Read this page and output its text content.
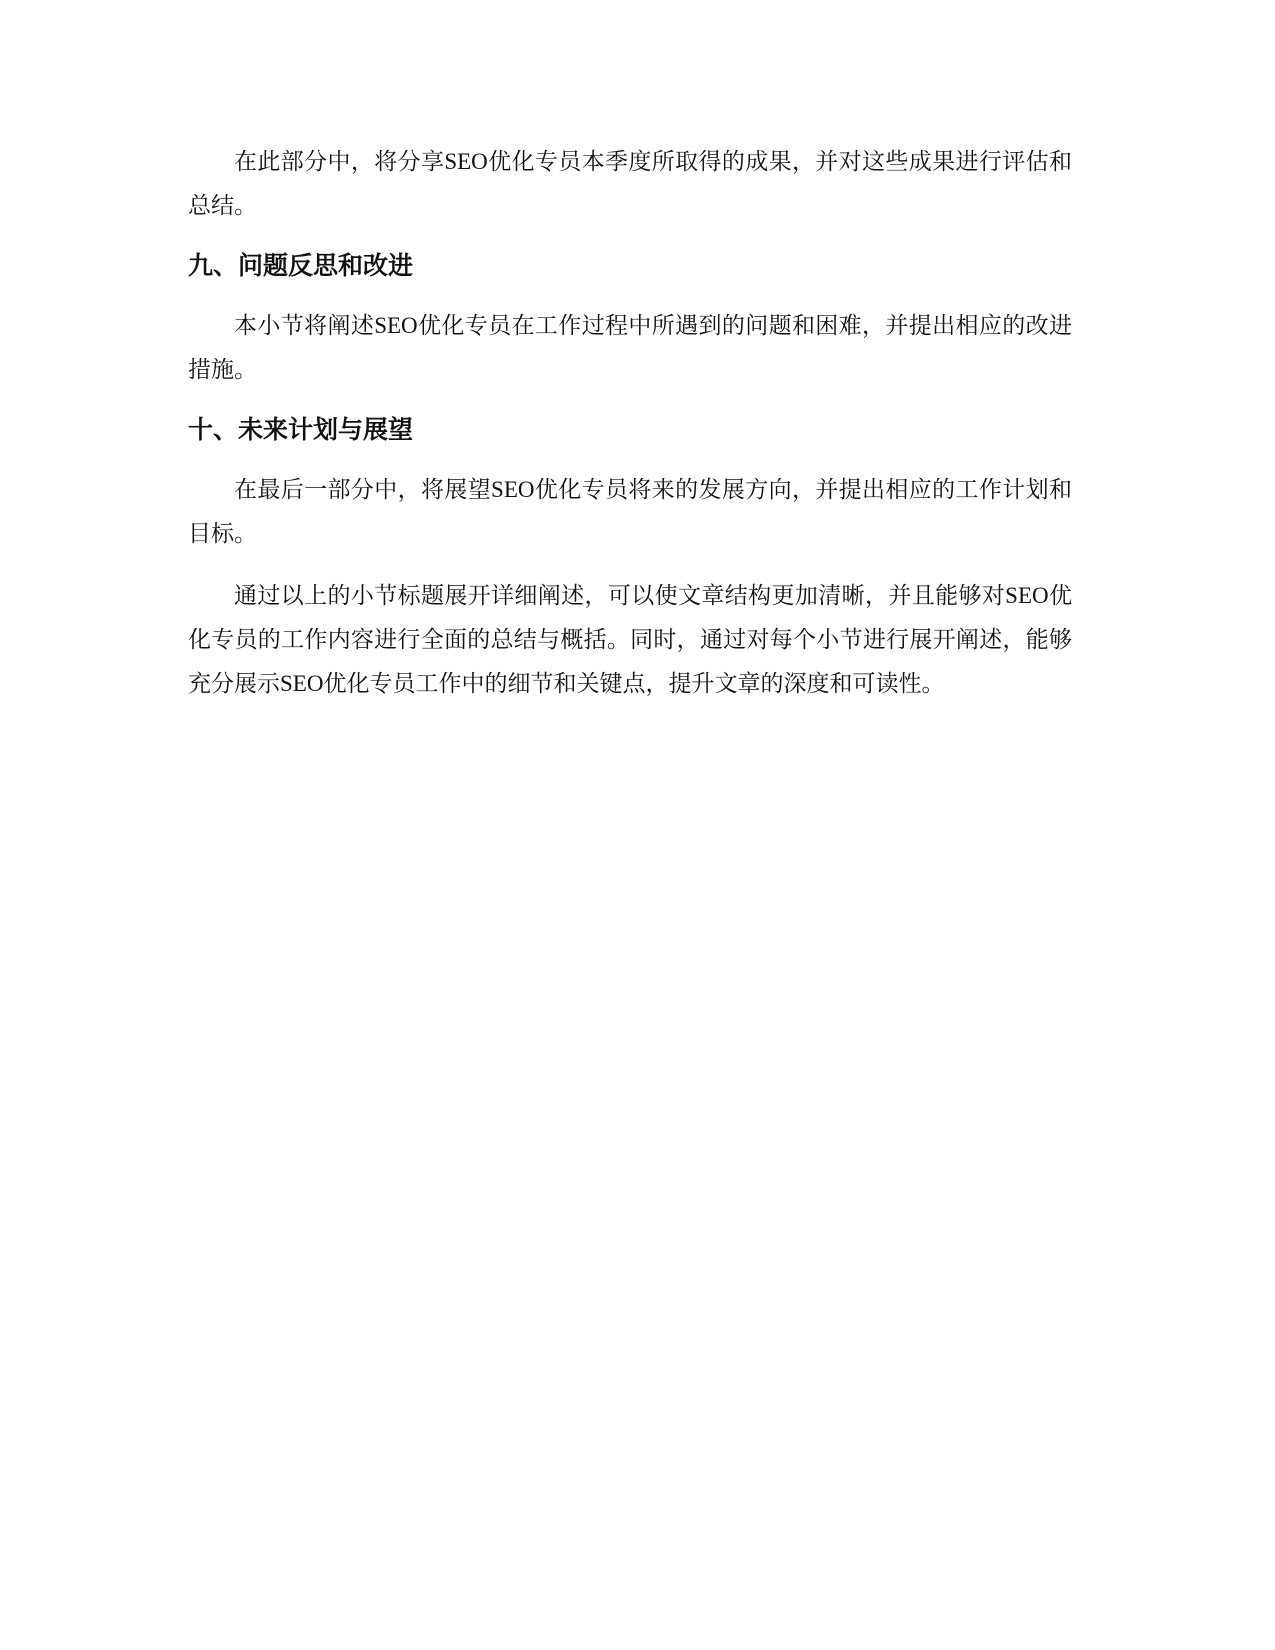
在此部分中，将分享SEO优化专员本季度所取得的成果，并对这些成果进行评估和总结。

九、问题反思和改进

本小节将阐述SEO优化专员在工作过程中所遇到的问题和困难，并提出相应的改进措施。

十、未来计划与展望

在最后一部分中，将展望SEO优化专员将来的发展方向，并提出相应的工作计划和目标。

通过以上的小节标题展开详细阐述，可以使文章结构更加清晰，并且能够对SEO优化专员的工作内容进行全面的总结与概括。同时，通过对每个小节进行展开阐述，能够充分展示SEO优化专员工作中的细节和关键点，提升文章的深度和可读性。
